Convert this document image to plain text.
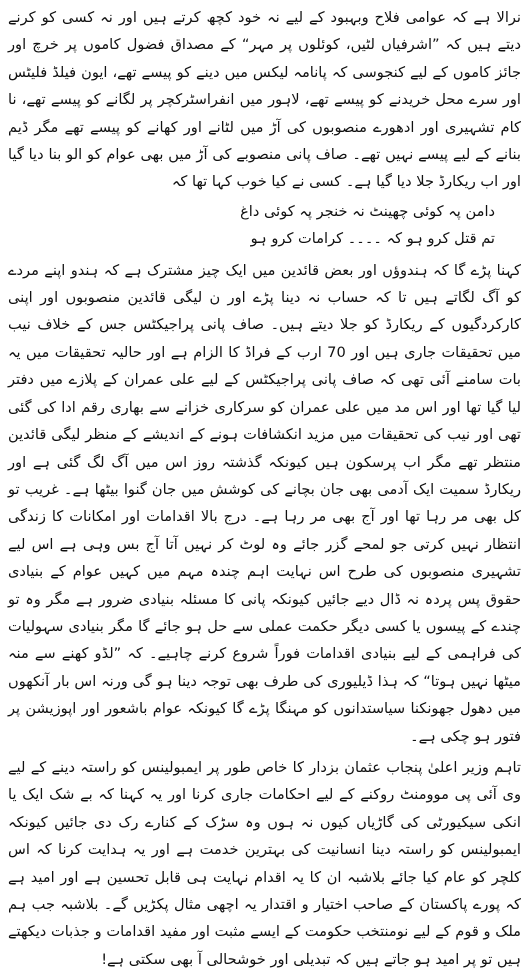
نرالا ہے کہ عوامی فلاح وبہبود کے لیے نہ خود کچھ کرتے ہیں اور نہ کسی کو کرنے دیتے ہیں کہ ”اشرفیاں لٹیں، کوئلوں پر مہر“ کے مصداق فضول کاموں پر خرچ اور جائز کاموں کے لیے کنجوسی کہ پانامہ لیکس میں دینے کو پیسے تھے، ایون فیلڈ فلیٹس اور سرے محل خریدنے کو پیسے تھے، لاہور میں انفراسٹرکچر پر لگانے کو پیسے تھے، نا کام تشہیری اور ادھورے منصوبوں کی آڑ میں لٹانے اور کھانے کو پیسے تھے مگر ڈیم بنانے کے لیے پیسے نہیں تھے۔ صاف پانی منصوبے کی آڑ میں بھی عوام کو الو بنا دیا گیا اور اب ریکارڈ جلا دیا گیا ہے۔ کسی نے کیا خوب کہا تھا کہ

دامن پہ کوئی چھینٹ نہ خنجر پہ کوئی داغ

تم قتل کرو ہو کہ ۔۔۔۔ کرامات کرو ہو

کہنا پڑے گا کہ ہندوؤں اور بعض قائدین میں ایک چیز مشترک ہے کہ ہندو اپنے مردے کو آگ لگاتے ہیں تا کہ حساب نہ دینا پڑے اور ن لیگی قائدین منصوبوں اور اپنی کارکردگیوں کے ریکارڈ کو جلا دیتے ہیں۔ صاف پانی پراجیکٹس جس کے خلاف نیب میں تحقیقات جاری ہیں اور 70 ارب کے فراڈ کا الزام ہے اور حالیہ تحقیقات میں یہ بات سامنے آئی تھی کہ صاف پانی پراجیکٹس کے لیے علی عمران کے پلازے میں دفتر لیا گیا تھا اور اس مد میں علی عمران کو سرکاری خزانے سے بھاری رقم ادا کی گئی تھی اور نیب کی تحقیقات میں مزید انکشافات ہونے کے اندیشے کے منظر لیگی قائدین منتظر تھے مگر اب پرسکون ہیں کیونکہ گذشتہ روز اس میں آگ لگ گئی ہے اور ریکارڈ سمیت ایک آدمی بھی جان بچانے کی کوشش میں جان گنوا بیٹھا ہے۔ غریب تو کل بھی مر رہا تھا اور آج بھی مر رہا ہے۔ درج بالا اقدامات اور امکانات کا زندگی انتظار نہیں کرتی جو لمحے گزر جائے وہ لوٹ کر نہیں آتا آج بس وہی ہے اس لیے تشہیری منصوبوں کی طرح اس نہایت اہم چندہ مہم میں کہیں عوام کے بنیادی حقوق پس پردہ نہ ڈال دیے جائیں کیونکہ پانی کا مسئلہ بنیادی ضرور ہے مگر وہ تو چندے کے پیسوں یا کسی دیگر حکمت عملی سے حل ہو جائے گا مگر بنیادی سہولیات کی فراہمی کے لیے بنیادی اقدامات فوراً شروع کرنے چاہیے۔ کہ ”لڈو کھنے سے منہ میٹھا نہیں ہوتا“ کہ ہذا ڈیلیوری کی طرف بھی توجہ دینا ہو گی ورنہ اس بار آنکھوں میں دھول جھونکنا سیاستدانوں کو مہنگا پڑے گا کیونکہ عوام باشعور اور اپوزیشن پر فتور ہو چکی ہے۔

تاہم وزیر اعلیٰ پنجاب عثمان بزدار کا خاص طور پر ایمبولینس کو راستہ دینے کے لیے وی آئی پی موومنٹ روکنے کے لیے احکامات جاری کرنا اور یہ کہنا کہ بے شک ایک یا انکی سیکیورٹی کی گاڑیاں کیوں نہ ہوں وہ سڑک کے کنارے رک دی جائیں کیونکہ ایمبولینس کو راستہ دینا انسانیت کی بہترین خدمت ہے اور یہ ہدایت کرنا کہ اس کلچر کو عام کیا جائے بلاشبہ ان کا یہ اقدام نہایت ہی قابل تحسین ہے اور امید ہے کہ پورے پاکستان کے صاحب اختیار و اقتدار یہ اچھی مثال پکڑیں گے۔ بلاشبہ جب ہم ملک و قوم کے لیے نومنتخب حکومت کے ایسے مثبت اور مفید اقدامات و جذبات دیکھتے ہیں تو پر امید ہو جاتے ہیں کہ تبدیلی اور خوشحالی آ بھی سکتی ہے!
